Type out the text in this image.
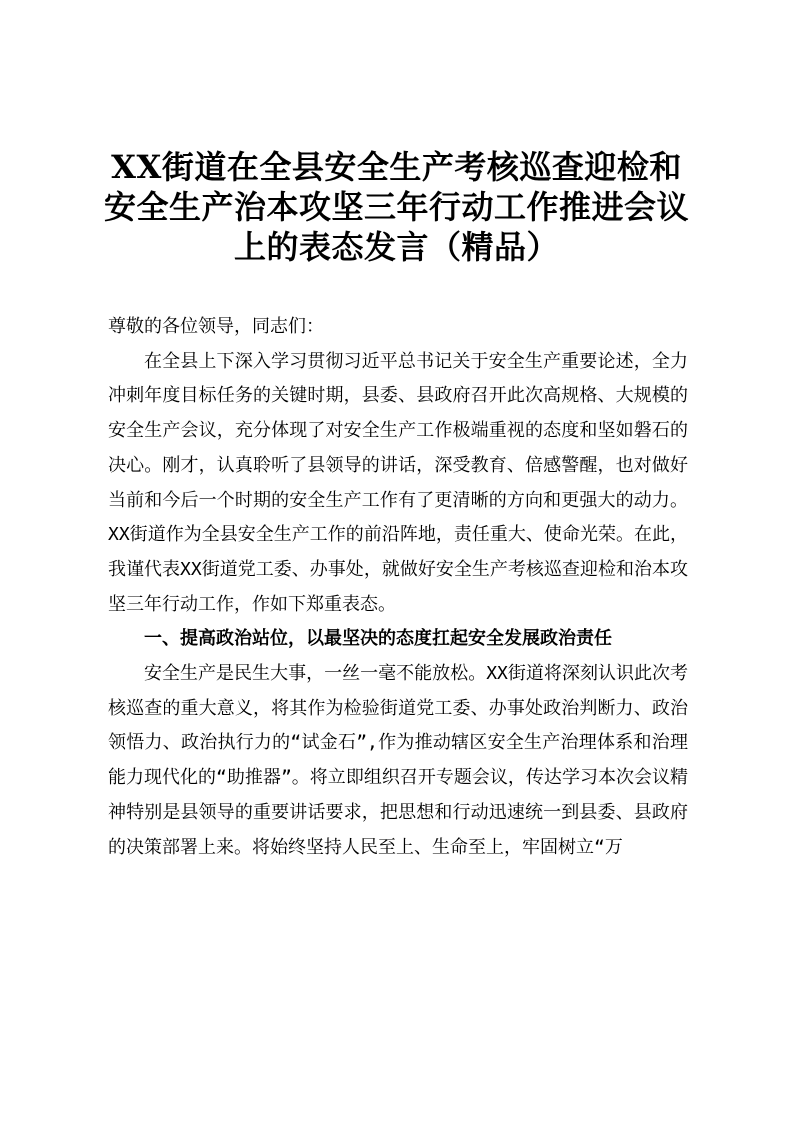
XX街道在全县安全生产考核巡查迎检和
安全生产治本攻坚三年行动工作推进会议
上的表态发言（精品）

尊敬的各位领导，同志们：

在全县上下深入学习贯彻习近平总书记关于安全生产重要论述，全力冲刺年度目标任务的关键时期，县委、县政府召开此次高规格、大规模的安全生产会议，充分体现了对安全生产工作极端重视的态度和坚如磐石的决心。刚才，认真聆听了县领导的讲话，深受教育、倍感警醒，也对做好当前和今后一个时期的安全生产工作有了更清晰的方向和更强大的动力。XX街道作为全县安全生产工作的前沿阵地，责任重大、使命光荣。在此，我谨代表XX街道党工委、办事处，就做好安全生产考核巡查迎检和治本攻坚三年行动工作，作如下郑重表态。

一、提高政治站位，以最坚决的态度扛起安全发展政治责任

安全生产是民生大事，一丝一毫不能放松。XX街道将深刻认识此次考核巡查的重大意义，将其作为检验街道党工委、办事处政治判断力、政治领悟力、政治执行力的“试金石”,作为推动辖区安全生产治理体系和治理能力现代化的“助推器”。将立即组织召开专题会议，传达学习本次会议精神特别是县领导的重要讲话要求，把思想和行动迅速统一到县委、县政府的决策部署上来。将始终坚持人民至上、生命至上，牢固树立“万
